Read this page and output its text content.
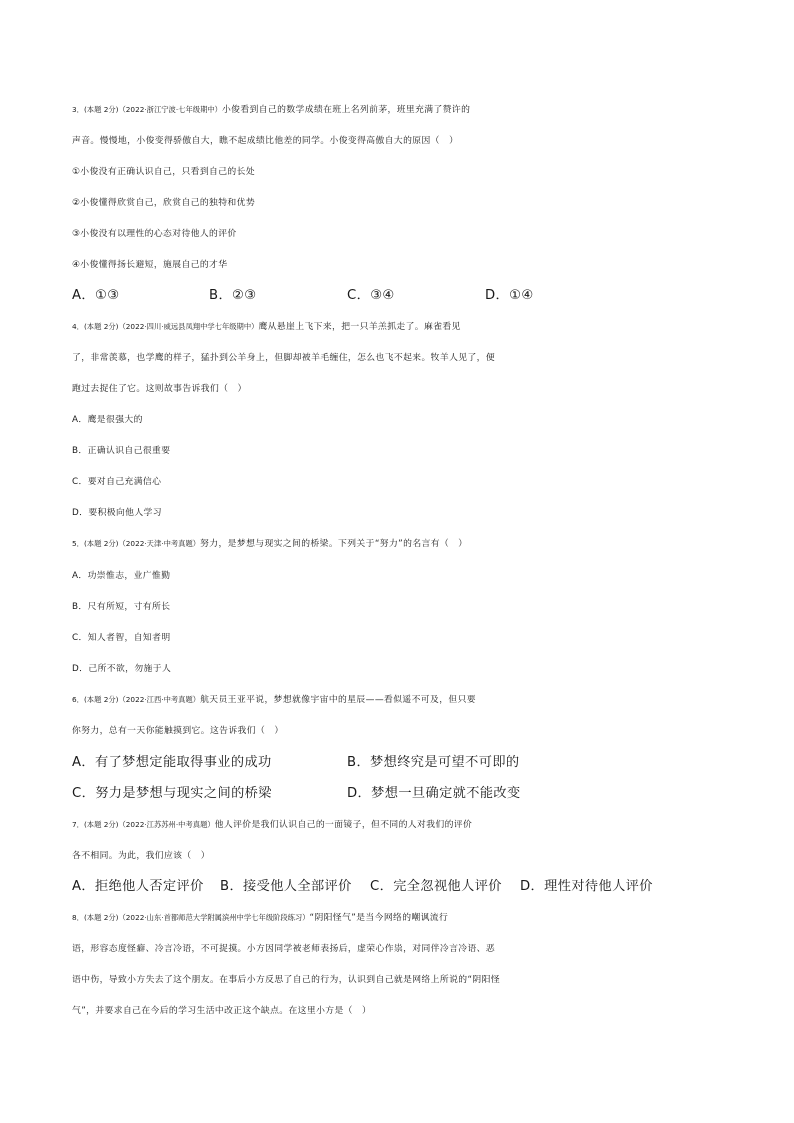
3．(本题 2分)（2022·浙江宁波·七年级期中）小俊看到自己的数学成绩在班上名列前茅，班里充满了赞许的
声音。慢慢地，小俊变得骄傲自大，瞧不起成绩比他差的同学。小俊变得高傲自大的原因（　）
①小俊没有正确认识自己，只看到自己的长处
②小俊懂得欣赏自己，欣赏自己的独特和优势
③小俊没有以理性的心态对待他人的评价
④小俊懂得扬长避短，施展自己的才华
A．①③	B．②③	C．③④	D．①④
4．(本题 2分)（2022·四川·威远县凤翔中学七年级期中）鹰从悬崖上飞下来，把一只羊羔抓走了。麻雀看见
了，非常羡慕，也学鹰的样子，猛扑到公羊身上，但脚却被羊毛缠住，怎么也飞不起来。牧羊人见了，便
跑过去捉住了它。这则故事告诉我们（　）
A．鹰是很强大的
B．正确认识自己很重要
C．要对自己充满信心
D．要积极向他人学习
5．(本题 2分)（2022·天津·中考真题）努力，是梦想与现实之间的桥梁。下列关于“努力”的名言有（　）
A．功崇惟志，业广惟勤
B．尺有所短，寸有所长
C．知人者智，自知者明
D．己所不欲，勿施于人
6．(本题 2分)（2022·江西·中考真题）航天员王亚平说，梦想就像宇宙中的星辰——看似遥不可及，但只要
你努力，总有一天你能触摸到它。这告诉我们（　）
A．有了梦想定能取得事业的成功	B．梦想终究是可望不可即的
C．努力是梦想与现实之间的桥梁	D．梦想一旦确定就不能改变
7．(本题 2分)（2022·江苏苏州·中考真题）他人评价是我们认识自己的一面镜子，但不同的人对我们的评价
各不相同。为此，我们应该（　）
A．拒绝他人否定评价 B．接受他人全部评价 C．完全忽视他人评价 D．理性对待他人评价
8．(本题 2分)（2022·山东·首都师范大学附属滨州中学七年级阶段练习）“阴阳怪气”是当今网络的嘲讽流行
语，形容态度怪癖、冷言冷语，不可捉摸。小方因同学被老师表扬后，虚荣心作祟，对同伴冷言冷语、恶
语中伤，导致小方失去了这个朋友。在事后小方反思了自己的行为，认识到自己就是网络上所说的“阴阳怪
气”，并要求自己在今后的学习生活中改正这个缺点。在这里小方是（　）
